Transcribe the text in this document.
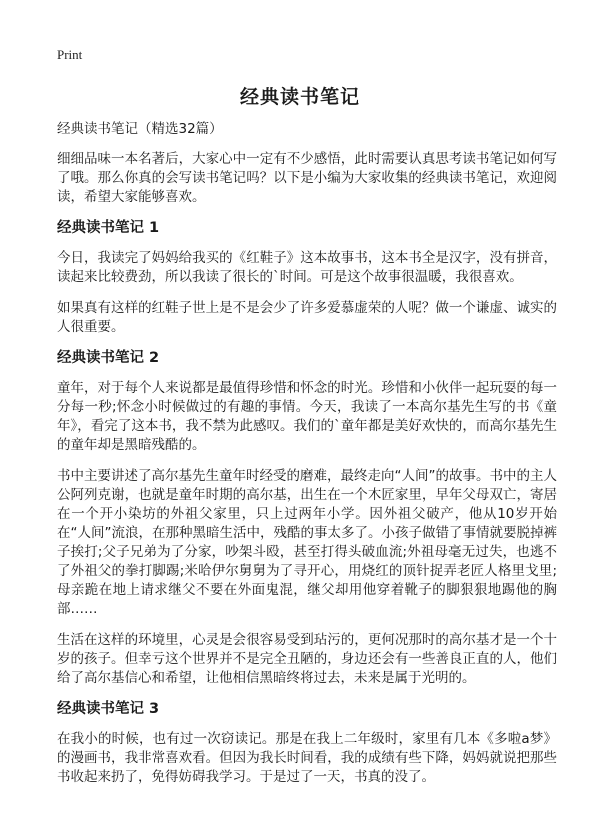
Print
经典读书笔记

经典读书笔记（精选32篇）

细细品味一本名著后，大家心中一定有不少感悟，此时需要认真思考读书笔记如何写了哦。那么你真的会写读书笔记吗？以下是小编为大家收集的经典读书笔记，欢迎阅读，希望大家能够喜欢。

经典读书笔记 1

今日，我读完了妈妈给我买的《红鞋子》这本故事书，这本书全是汉字，没有拼音，读起来比较费劲，所以我读了很长的`时间。可是这个故事很温暖，我很喜欢。

如果真有这样的红鞋子世上是不是会少了许多爱慕虚荣的人呢？做一个谦虚、诚实的人很重要。

经典读书笔记 2

童年，对于每个人来说都是最值得珍惜和怀念的时光。珍惜和小伙伴一起玩耍的每一分每一秒;怀念小时候做过的有趣的事情。今天，我读了一本高尔基先生写的书《童年》，看完了这本书，我不禁为此感叹。我们的`童年都是美好欢快的，而高尔基先生的童年却是黑暗残酷的。

书中主要讲述了高尔基先生童年时经受的磨难，最终走向“人间”的故事。书中的主人公阿列克谢，也就是童年时期的高尔基，出生在一个木匠家里，早年父母双亡，寄居在一个开小染坊的外祖父家里，只上过两年小学。因外祖父破产，他从10岁开始在“人间”流浪，在那种黑暗生活中，残酷的事太多了。小孩子做错了事情就要脱掉裤子挨打;父子兄弟为了分家，吵架斗殴，甚至打得头破血流;外祖母毫无过失，也逃不了外祖父的拳打脚踢;米哈伊尔舅舅为了寻开心，用烧红的顶针捉弄老匠人格里戈里;母亲跪在地上请求继父不要在外面鬼混，继父却用他穿着靴子的脚狠狠地踢他的胸部……

生活在这样的环境里，心灵是会很容易受到玷污的，更何况那时的高尔基才是一个十岁的孩子。但幸亏这个世界并不是完全丑陋的，身边还会有一些善良正直的人，他们给了高尔基信心和希望，让他相信黑暗终将过去，未来是属于光明的。

经典读书笔记 3

在我小的时候，也有过一次窃读记。那是在我上二年级时，家里有几本《多啦a梦》的漫画书，我非常喜欢看。但因为我长时间看，我的成绩有些下降，妈妈就说把那些书收起来扔了，免得妨碍我学习。于是过了一天，书真的没了。
